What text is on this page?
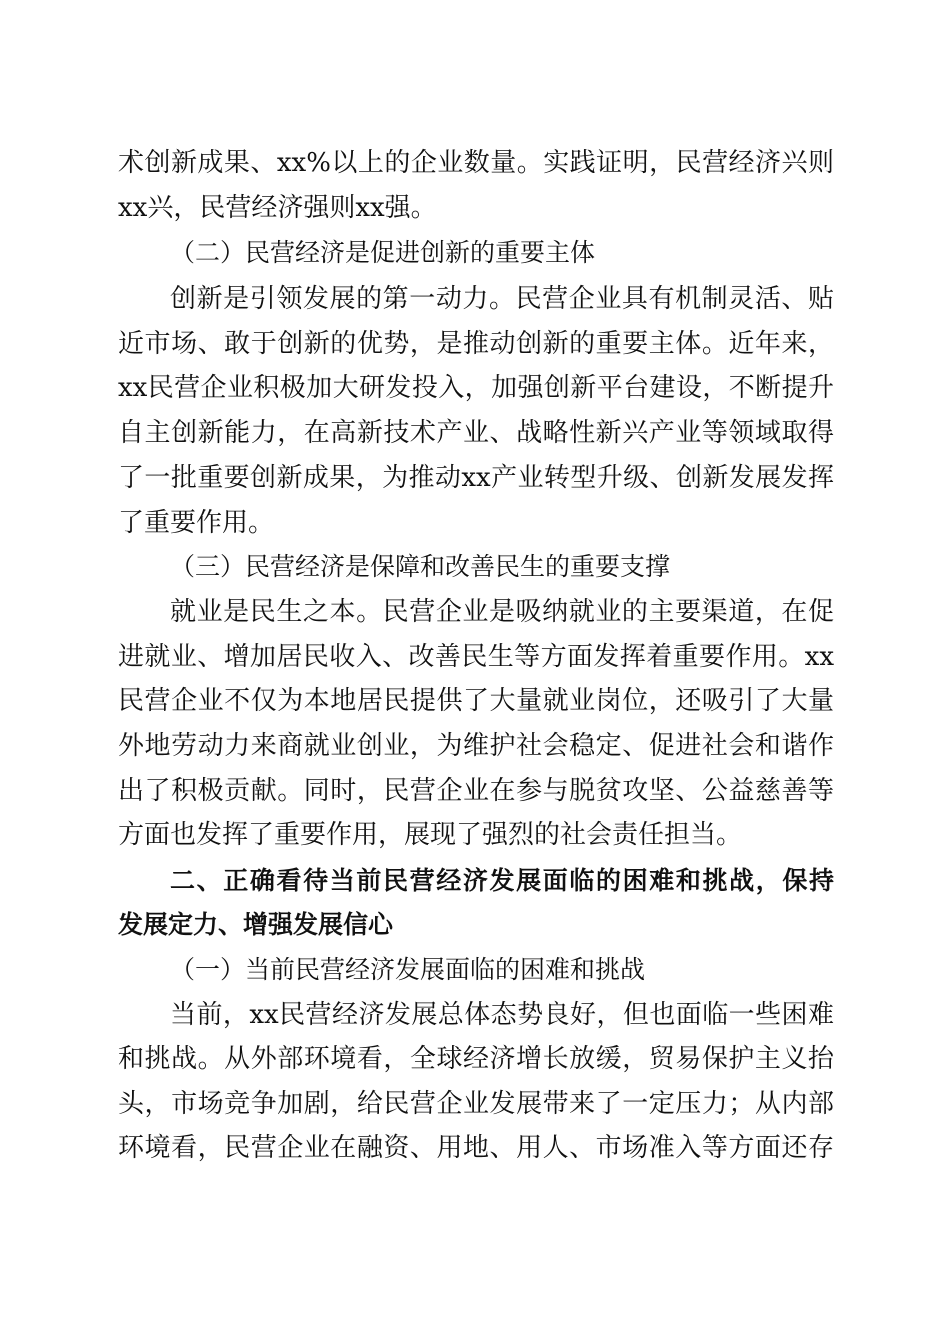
术创新成果、xx%以上的企业数量。实践证明，民营经济兴则
xx兴，民营经济强则xx强。
（二）民营经济是促进创新的重要主体
创新是引领发展的第一动力。民营企业具有机制灵活、贴
近市场、敢于创新的优势，是推动创新的重要主体。近年来，
xx民营企业积极加大研发投入，加强创新平台建设，不断提升
自主创新能力，在高新技术产业、战略性新兴产业等领域取得
了一批重要创新成果，为推动xx产业转型升级、创新发展发挥
了重要作用。
（三）民营经济是保障和改善民生的重要支撑
就业是民生之本。民营企业是吸纳就业的主要渠道，在促
进就业、增加居民收入、改善民生等方面发挥着重要作用。xx
民营企业不仅为本地居民提供了大量就业岗位，还吸引了大量
外地劳动力来商就业创业，为维护社会稳定、促进社会和谐作
出了积极贡献。同时，民营企业在参与脱贫攻坚、公益慈善等
方面也发挥了重要作用，展现了强烈的社会责任担当。
二、正确看待当前民营经济发展面临的困难和挑战，保持
发展定力、增强发展信心
（一）当前民营经济发展面临的困难和挑战
当前，xx民营经济发展总体态势良好，但也面临一些困难
和挑战。从外部环境看，全球经济增长放缓，贸易保护主义抬
头，市场竞争加剧，给民营企业发展带来了一定压力；从内部
环境看，民营企业在融资、用地、用人、市场准入等方面还存
